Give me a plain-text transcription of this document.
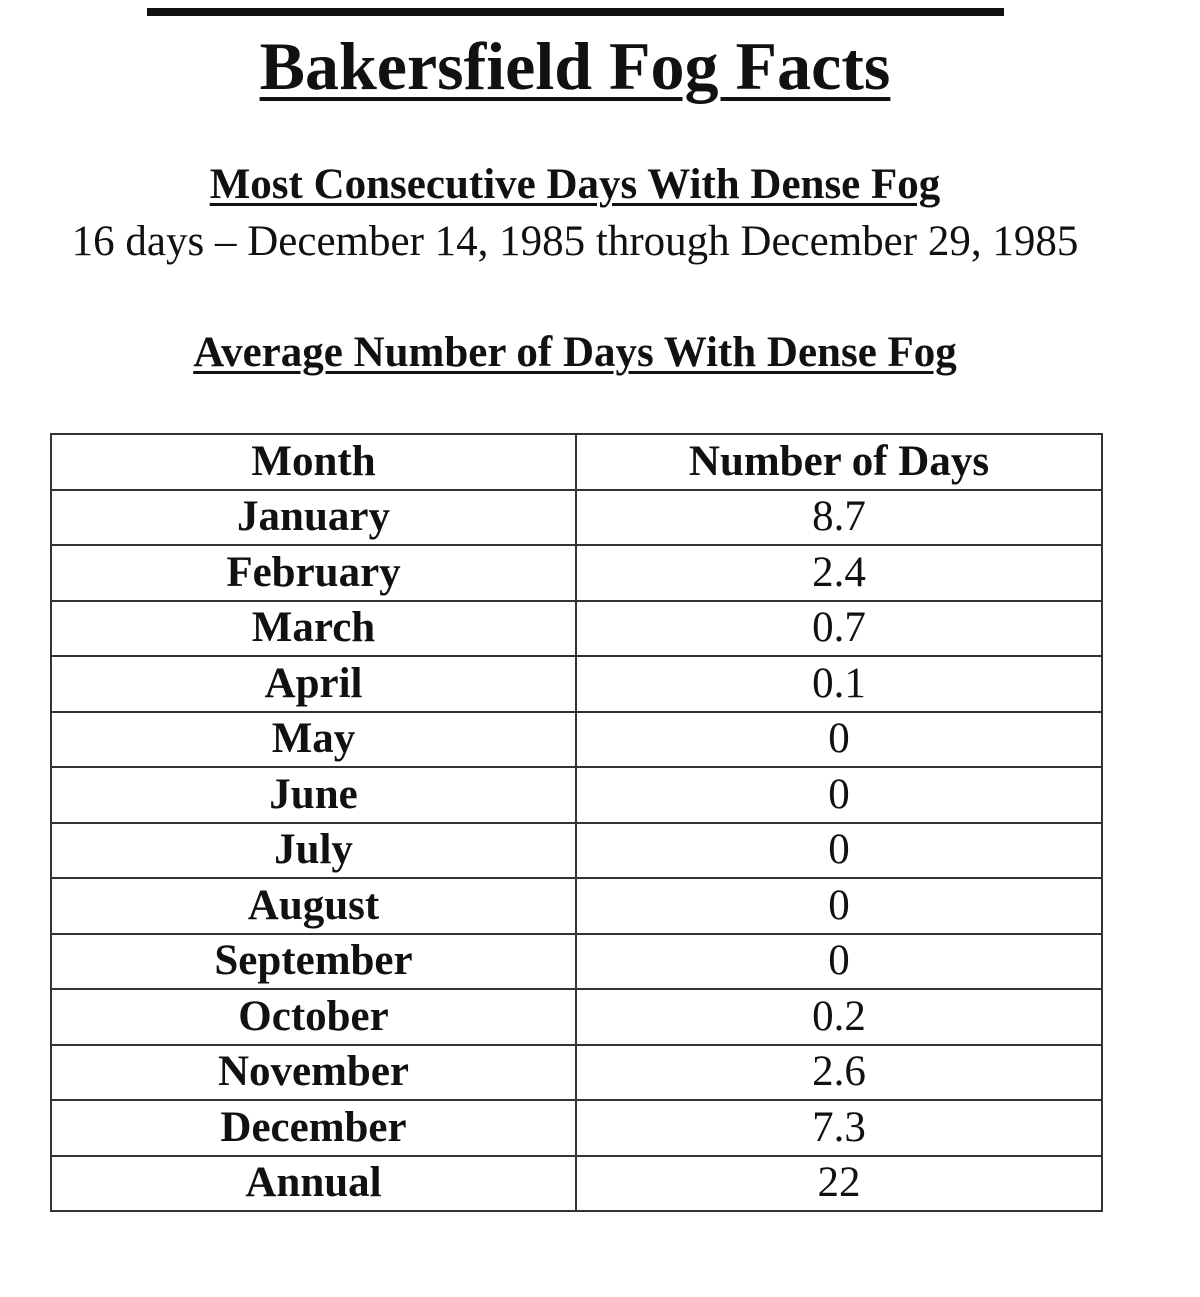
Bakersfield Fog Facts
Most Consecutive Days With Dense Fog
16 days – December 14, 1985 through December 29, 1985
Average Number of Days With Dense Fog
Month	Number of Days
January	8.7
February	2.4
March	0.7
April	0.1
May	0
June	0
July	0
August	0
September	0
October	0.2
November	2.6
December	7.3
Annual	22
